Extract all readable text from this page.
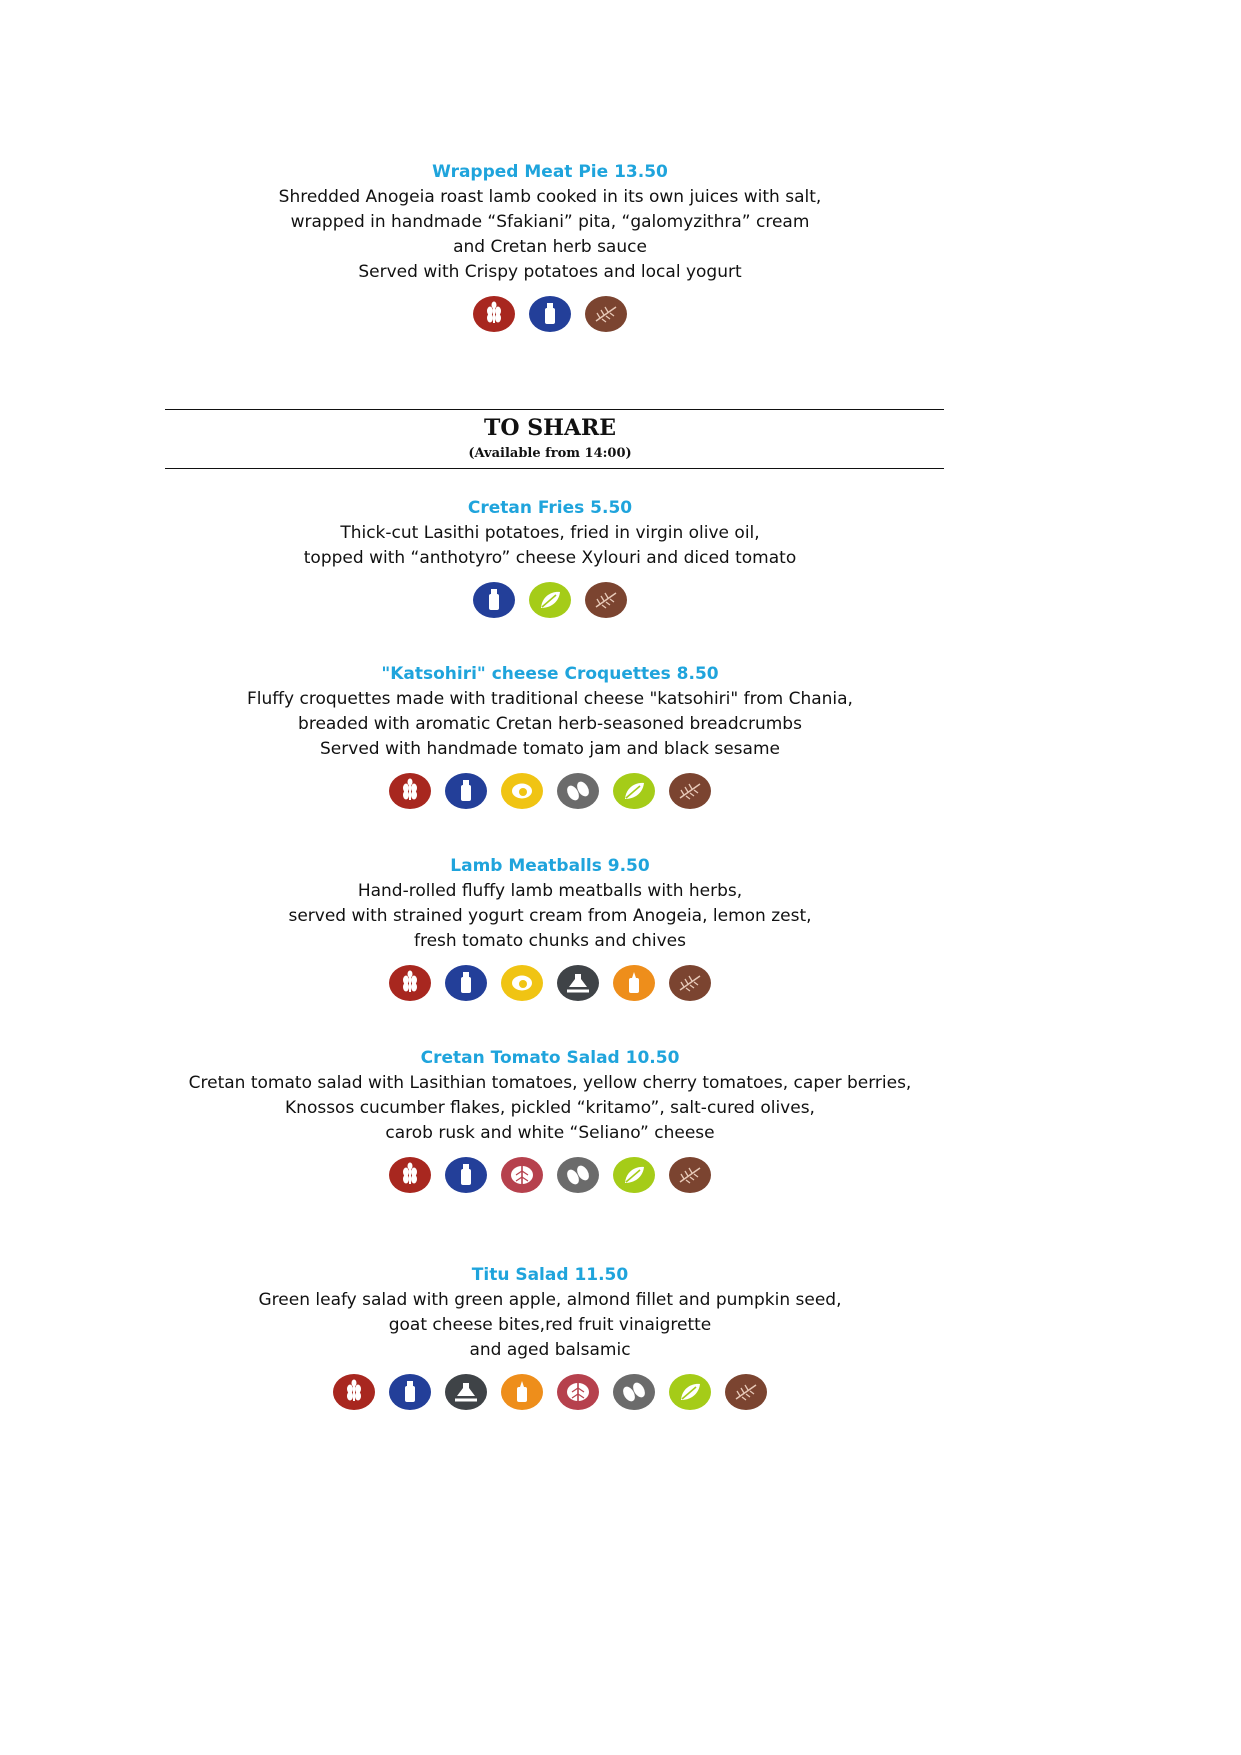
Wrapped Meat Pie 13.50
Shredded Anogeia roast lamb cooked in its own juices with salt,
wrapped in handmade “Sfakiani” pita, “galomyzithra” cream
and Cretan herb sauce
Served with Crispy potatoes and local yogurt
TO SHARE
(Available from 14:00)
Cretan Fries 5.50
Thick-cut Lasithi potatoes, fried in virgin olive oil,
topped with “anthotyro” cheese Xylouri and diced tomato
"Katsohiri" cheese Croquettes 8.50
Fluffy croquettes made with traditional cheese "katsohiri" from Chania,
breaded with aromatic Cretan herb-seasoned breadcrumbs
Served with handmade tomato jam and black sesame
Lamb Meatballs 9.50
Hand-rolled fluffy lamb meatballs with herbs,
served with strained yogurt cream from Anogeia, lemon zest,
fresh tomato chunks and chives
Cretan Tomato Salad 10.50
Cretan tomato salad with Lasithian tomatoes, yellow cherry tomatoes, caper berries,
Knossos cucumber flakes, pickled “kritamo”, salt-cured olives,
carob rusk and white “Seliano” cheese
Titu Salad 11.50
Green leafy salad with green apple, almond fillet and pumpkin seed,
goat cheese bites,red fruit vinaigrette
and aged balsamic
